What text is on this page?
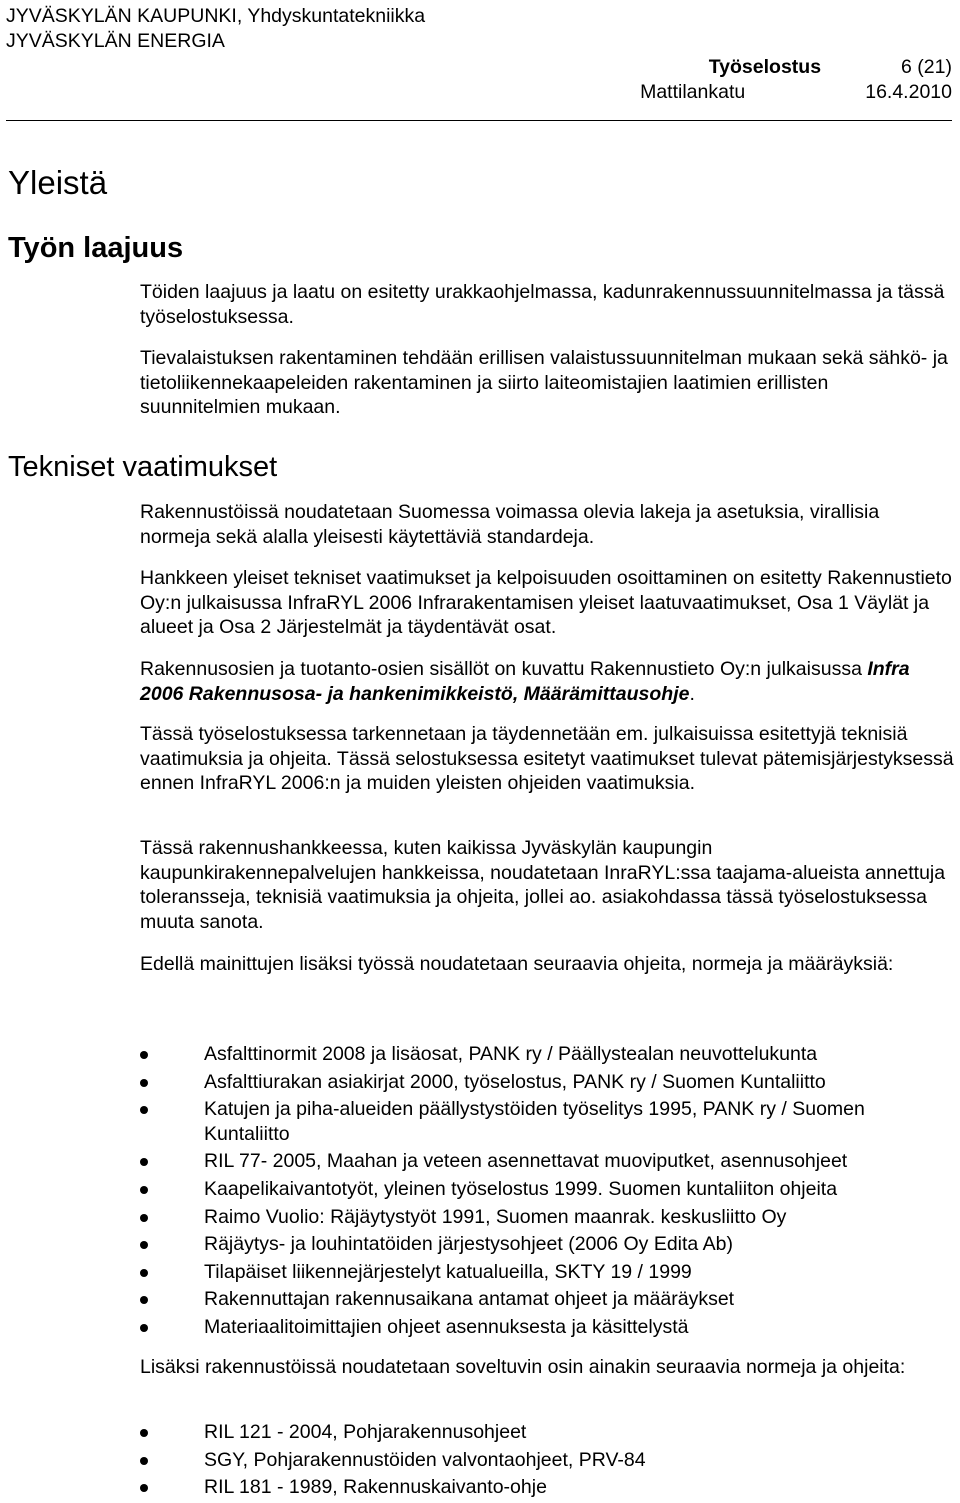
JYVÄSKYLÄN KAUPUNKI, Yhdyskuntatekniikka
JYVÄSKYLÄN ENERGIA
Työselostus	6 (21)
Mattilankatu	16.4.2010
Yleistä
Työn laajuus
Töiden laajuus ja laatu on esitetty urakkaohjelmassa, kadunrakennussuunnitelmassa ja tässä työselostuksessa.
Tievalaistuksen rakentaminen tehdään erillisen valaistussuunnitelman mukaan sekä sähkö- ja tietoliikennekaapeleiden rakentaminen ja siirto laiteomistajien laatimien erillisten suunnitelmien mukaan.
Tekniset vaatimukset
Rakennustöissä noudatetaan Suomessa voimassa olevia lakeja ja asetuksia, virallisia normeja sekä alalla yleisesti käytettäviä standardeja.
Hankkeen yleiset tekniset vaatimukset ja kelpoisuuden osoittaminen on esitetty Rakennustieto Oy:n julkaisussa InfraRYL 2006 Infrarakentamisen yleiset laatuvaatimukset, Osa 1 Väylät ja alueet ja Osa 2 Järjestelmät ja täydentävät osat.
Rakennusosien ja tuotanto-osien sisällöt on kuvattu Rakennustieto Oy:n julkaisussa Infra 2006 Rakennusosa- ja hankenimikkeistö, Määrämittausohje.
Tässä työselostuksessa tarkennetaan ja täydennetään em. julkaisuissa esitettyjä teknisiä vaatimuksia ja ohjeita. Tässä selostuksessa esitetyt vaatimukset tulevat pätemisjärjestyksessä ennen InfraRYL 2006:n ja muiden yleisten ohjeiden vaatimuksia.
Tässä rakennushankkeessa, kuten kaikissa Jyväskylän kaupungin kaupunkirakennepalvelujen hankkeissa, noudatetaan InraRYL:ssa taajama-alueista annettuja toleransseja, teknisiä vaatimuksia ja ohjeita, jollei ao. asiakohdassa tässä työselostuksessa muuta sanota.
Edellä mainittujen lisäksi työssä noudatetaan seuraavia ohjeita, normeja ja määräyksiä:
Asfalttinormit 2008 ja lisäosat, PANK ry / Päällystealan neuvottelukunta
Asfalttiurakan asiakirjat 2000, työselostus, PANK ry / Suomen Kuntaliitto
Katujen ja piha-alueiden päällystystöiden työselitys 1995, PANK ry / Suomen Kuntaliitto
RIL 77- 2005, Maahan ja veteen asennettavat muoviputket, asennusohjeet
Kaapelikaivantotyöt, yleinen työselostus 1999. Suomen kuntaliiton ohjeita
Raimo Vuolio: Räjäytystyöt 1991, Suomen maanrak. keskusliitto Oy
Räjäytys- ja louhintatöiden järjestysohjeet (2006 Oy Edita Ab)
Tilapäiset liikennejärjestelyt katualueilla, SKTY 19 / 1999
Rakennuttajan rakennusaikana antamat ohjeet ja määräykset
Materiaalitoimittajien ohjeet asennuksesta ja käsittelystä
Lisäksi rakennustöissä noudatetaan soveltuvin osin ainakin seuraavia normeja ja ohjeita:
RIL 121 - 2004, Pohjarakennusohjeet
SGY, Pohjarakennustöiden valvontaohjeet, PRV-84
RIL 181 - 1989, Rakennuskaivanto-ohje
